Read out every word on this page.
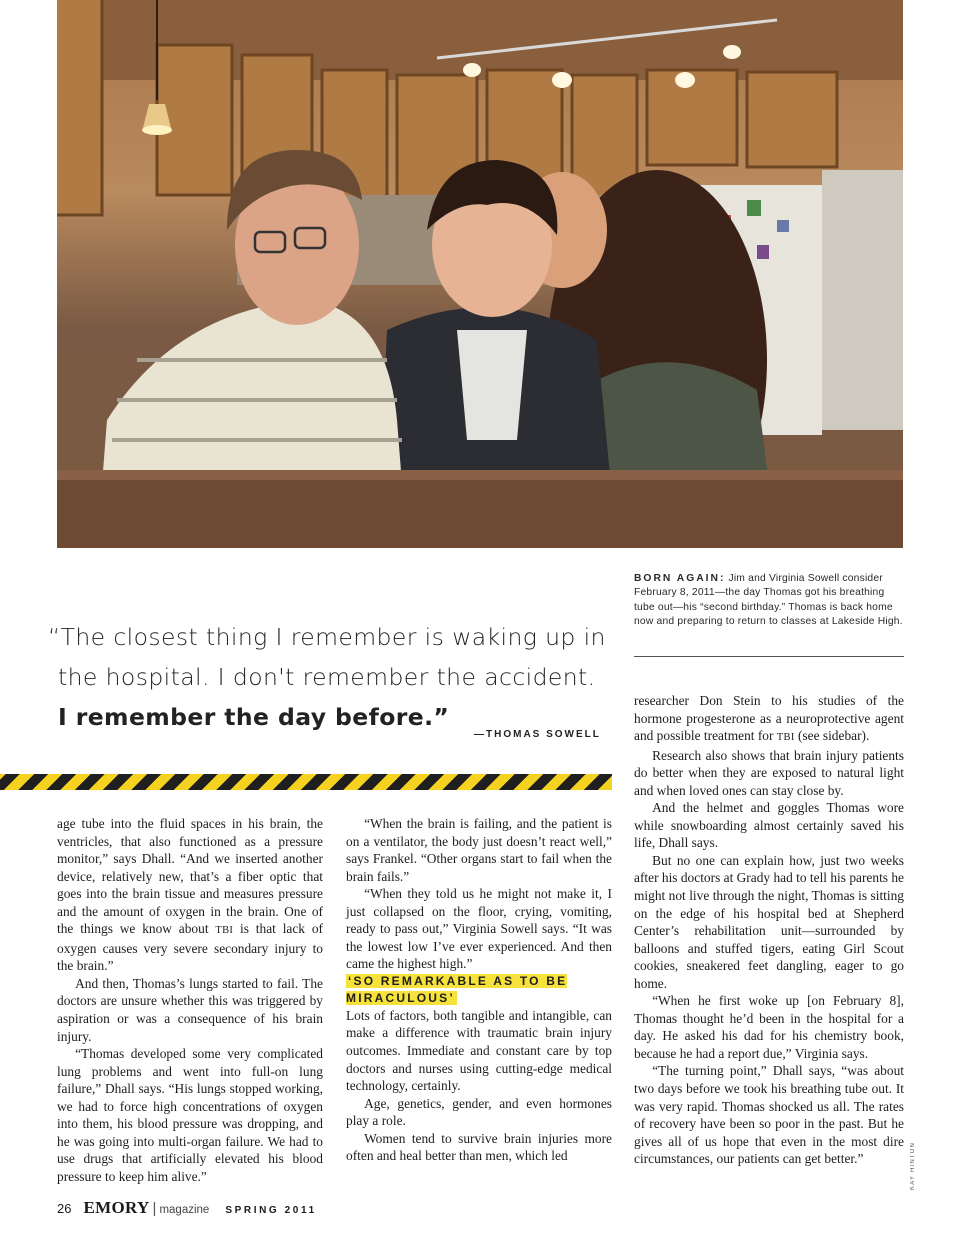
BORN AGAIN: Jim and Virginia Sowell consider February 8, 2011—the day Thomas got his breathing tube out—his “second birthday.” Thomas is back home now and preparing to return to classes at Lakeside High.
“The closest thing I remember is waking up in
the hospital. I don't remember the accident.
I remember the day before.”
—THOMAS SOWELL

age tube into the fluid spaces in his brain, the ventricles, that also functioned as a pressure monitor,” says Dhall. “And we inserted another device, relatively new, that’s a fiber optic that goes into the brain tissue and measures pressure and the amount of oxygen in the brain. One of the things we know about TBI is that lack of oxygen causes very severe secondary injury to the brain.”

And then, Thomas’s lungs started to fail. The doctors are unsure whether this was triggered by aspiration or was a consequence of his brain injury.

“Thomas developed some very complicated lung problems and went into full-on lung failure,” Dhall says. “His lungs stopped working, we had to force high concentrations of oxygen into them, his blood pressure was dropping, and he was going into multi-organ failure. We had to use drugs that artificially elevated his blood pressure to keep him alive.”

“When the brain is failing, and the patient is on a ventilator, the body just doesn’t react well,” says Frankel. “Other organs start to fail when the brain fails.”

“When they told us he might not make it, I just collapsed on the floor, crying, vomiting, ready to pass out,” Virginia Sowell says. “It was the lowest low I’ve ever experienced. And then came the highest high.”

‘SO REMARKABLE AS TO BE MIRACULOUS’

Lots of factors, both tangible and intangible, can make a difference with traumatic brain injury outcomes. Immediate and constant care by top doctors and nurses using cutting-edge medical technology, certainly.

Age, genetics, gender, and even hormones play a role.

Women tend to survive brain injuries more often and heal better than men, which led

researcher Don Stein to his studies of the hormone progesterone as a neuroprotective agent and possible treatment for TBI (see sidebar).

Research also shows that brain injury patients do better when they are exposed to natural light and when loved ones can stay close by.

And the helmet and goggles Thomas wore while snowboarding almost certainly saved his life, Dhall says.

But no one can explain how, just two weeks after his doctors at Grady had to tell his parents he might not live through the night, Thomas is sitting on the edge of his hospital bed at Shepherd Center’s rehabilitation unit—surrounded by balloons and stuffed tigers, eating Girl Scout cookies, sneakered feet dangling, eager to go home.

“When he first woke up [on February 8], Thomas thought he’d been in the hospital for a day. He asked his dad for his chemistry book, because he had a report due,” Virginia says.

“The turning point,” Dhall says, “was about two days before we took his breathing tube out. It was very rapid. Thomas shocked us all. The rates of recovery have been so poor in the past. But he gives all of us hope that even in the most dire circumstances, our patients can get better.”	KAY HINTON
26 EMORY | magazine SPRING 2011
